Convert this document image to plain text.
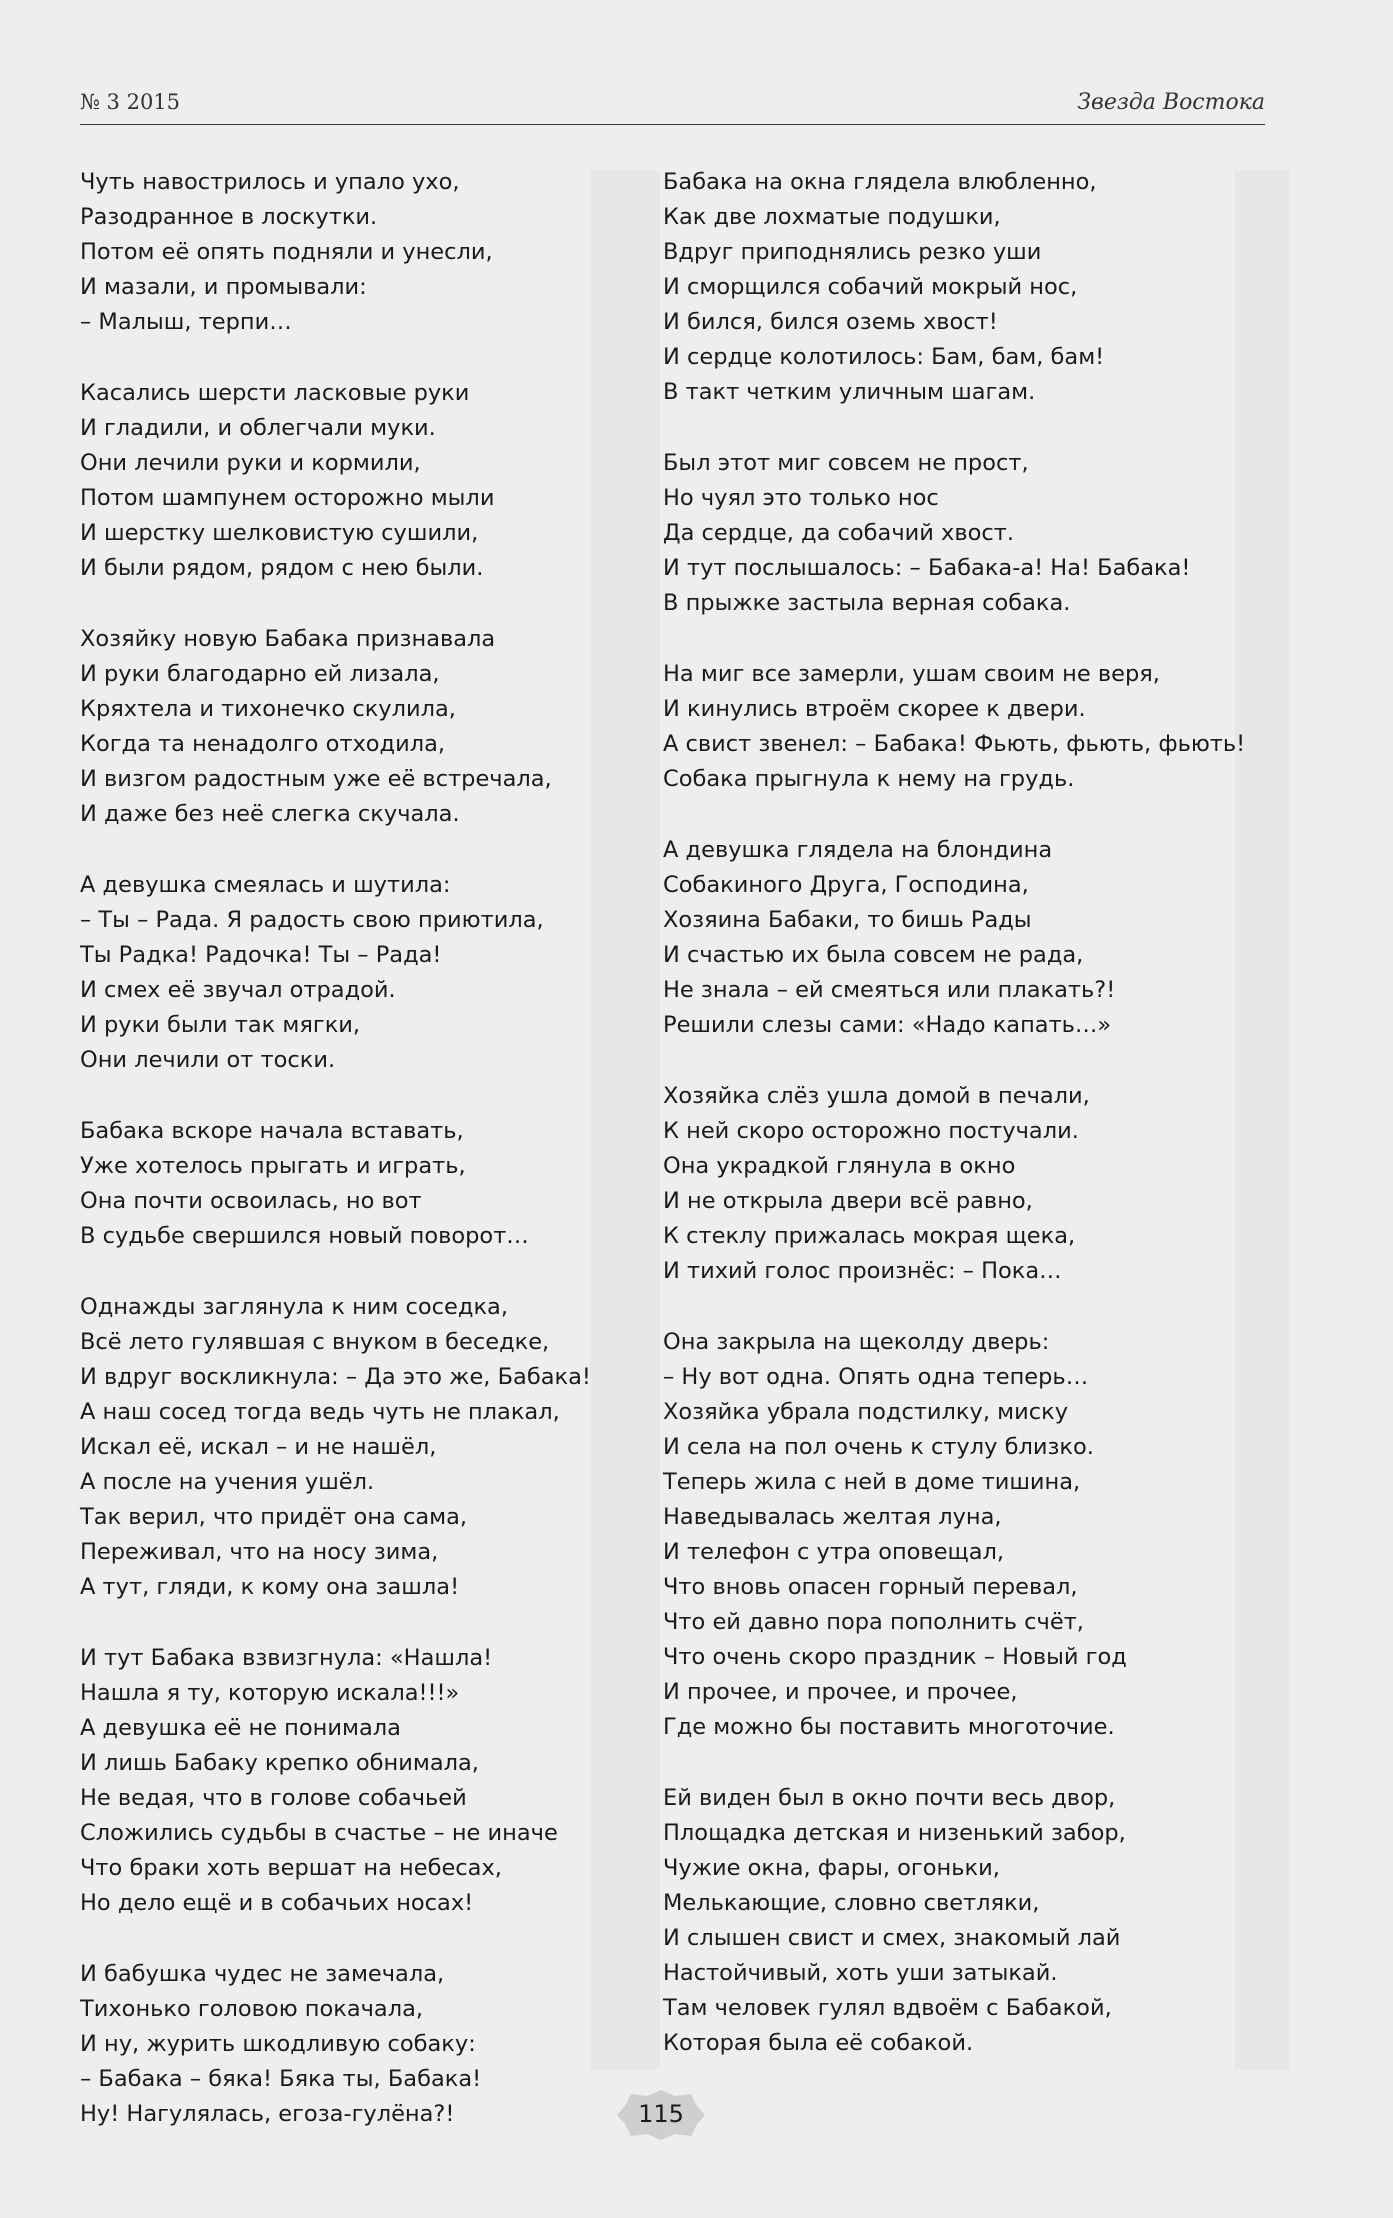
№ 3 2015	Звезда Востока
Чуть навострилось и упало ухо,
Разодранное в лоскутки.
Потом её опять подняли и унесли,
И мазали, и промывали:
– Малыш, терпи…
Касались шерсти ласковые руки
И гладили, и облегчали муки.
Они лечили руки и кормили,
Потом шампунем осторожно мыли
И шерстку шелковистую сушили,
И были рядом, рядом с нею были.
Хозяйку новую Бабака признавала
И руки благодарно ей лизала,
Кряхтела и тихонечко скулила,
Когда та ненадолго отходила,
И визгом радостным уже её встречала,
И даже без неё слегка скучала.
А девушка смеялась и шутила:
– Ты – Рада. Я радость свою приютила,
Ты Радка! Радочка! Ты – Рада!
И смех её звучал отрадой.
И руки были так мягки,
Они лечили от тоски.
Бабака вскоре начала вставать,
Уже хотелось прыгать и играть,
Она почти освоилась, но вот
В судьбе свершился новый поворот…
Однажды заглянула к ним соседка,
Всё лето гулявшая с внуком в беседке,
И вдруг воскликнула: – Да это же, Бабака!
А наш сосед тогда ведь чуть не плакал,
Искал её, искал – и не нашёл,
А после на учения ушёл.
Так верил, что придёт она сама,
Переживал, что на носу зима,
А тут, гляди, к кому она зашла!
И тут Бабака взвизгнула: «Нашла!
Нашла я ту, которую искала!!!»
А девушка её не понимала
И лишь Бабаку крепко обнимала,
Не ведая, что в голове собачьей
Сложились судьбы в счастье – не иначе
Что браки хоть вершат на небесах,
Но дело ещё и в собачьих носах!
И бабушка чудес не замечала,
Тихонько головою покачала,
И ну, журить шкодливую собаку:
– Бабака – бяка! Бяка ты, Бабака!
Ну! Нагулялась, егоза-гулёна?!
Бабака на окна глядела влюбленно,
Как две лохматые подушки,
Вдруг приподнялись резко уши
И сморщился собачий мокрый нос,
И бился, бился оземь хвост!
И сердце колотилось: Бам, бам, бам!
В такт четким уличным шагам.
Был этот миг совсем не прост,
Но чуял это только нос
Да сердце, да собачий хвост.
И тут послышалось: – Бабака-а! На! Бабака!
В прыжке застыла верная собака.
На миг все замерли, ушам своим не веря,
И кинулись втроём скорее к двери.
А свист звенел: – Бабака! Фьють, фьють, фьють!
Собака прыгнула к нему на грудь.
А девушка глядела на блондина
Собакиного Друга, Господина,
Хозяина Бабаки, то бишь Рады
И счастью их была совсем не рада,
Не знала – ей смеяться или плакать?!
Решили слезы сами: «Надо капать…»
Хозяйка слёз ушла домой в печали,
К ней скоро осторожно постучали.
Она украдкой глянула в окно
И не открыла двери всё равно,
К стеклу прижалась мокрая щека,
И тихий голос произнёс: – Пока…
Она закрыла на щеколду дверь:
– Ну вот одна. Опять одна теперь…
Хозяйка убрала подстилку, миску
И села на пол очень к стулу близко.
Теперь жила с ней в доме тишина,
Наведывалась желтая луна,
И телефон с утра оповещал,
Что вновь опасен горный перевал,
Что ей давно пора пополнить счёт,
Что очень скоро праздник – Новый год
И прочее, и прочее, и прочее,
Где можно бы поставить многоточие.
Ей виден был в окно почти весь двор,
Площадка детская и низенький забор,
Чужие окна, фары, огоньки,
Мелькающие, словно светляки,
И слышен свист и смех, знакомый лай
Настойчивый, хоть уши затыкай.
Там человек гулял вдвоём с Бабакой,
Которая была её собакой.
115
